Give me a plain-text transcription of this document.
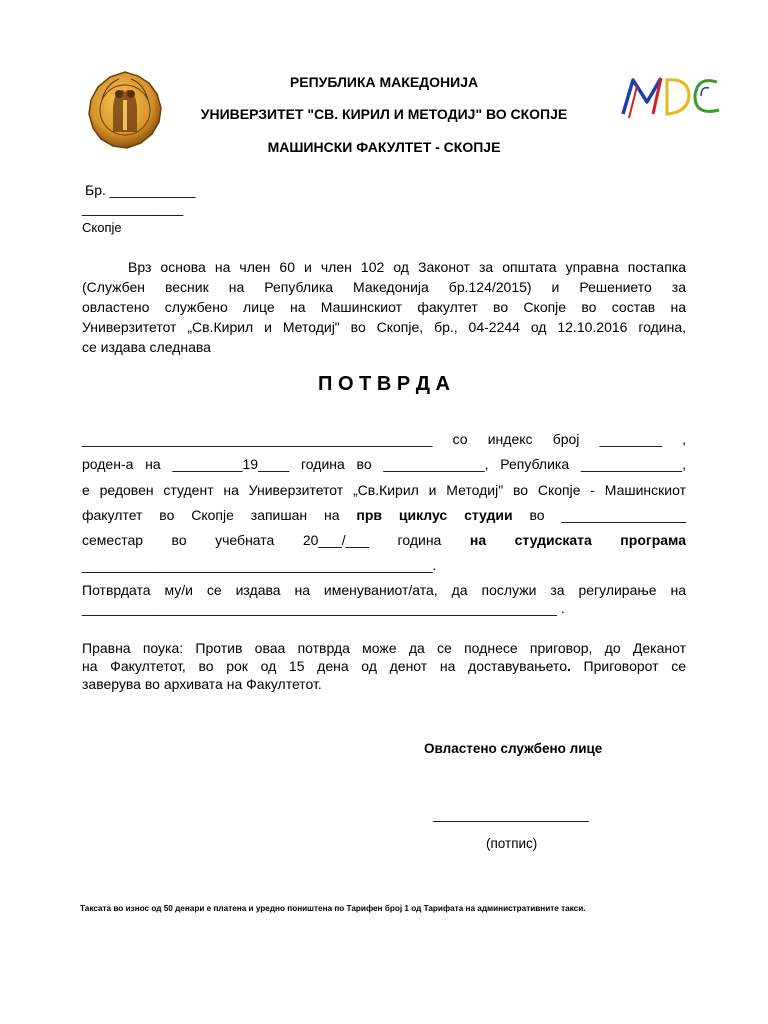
РЕПУБЛИКА МАКЕДОНИЈА
УНИВЕРЗИТЕТ "СВ. КИРИЛ И МЕТОДИЈ" ВО СКОПЈЕ
МАШИНСКИ ФАКУЛТЕТ - СКОПЈЕ
Бр. ___________
_____________
Скопје
Врз основа на член 60 и член 102 од Законот за општата управна постапка
(Службен весник на Република Македонија бр.124/2015) и Решението за
овластено службено лице на Машинскиот факултет во Скопје во состав на
Универзитетот „Св.Кирил и Методиј" во Скопје, бр., 04-2244 од 12.10.2016 година,
се издава следнава
П О Т В Р Д А
_____________________________________________ со индекс број ________ ,
роден-а на _________19____ година во _____________, Република _____________,
е редовен студент на Универзитетот „Св.Кирил и Методиј" во Скопје - Машинскиот
факултет во Скопје запишан на прв циклус студии во ________________
семестар во учебната 20___/___ година на студиската програма
_____________________________________________.
Потврдата му/и се издава на именуваниот/ата, да послужи за регулирање на
_____________________________________________________________ .
Правна поука: Против оваа потврда може да се поднесе приговор, до Деканот
на Факултетот, во рок од 15 дена од денот на доставувањето. Приговорот се
заверува во архивата на Факултетот.
Овластено службено лице
____________________
(потпис)
Таксата во износ од 50 денари е платена и уредно поништена по Тарифен број 1 од Тарифата на административните такси.
